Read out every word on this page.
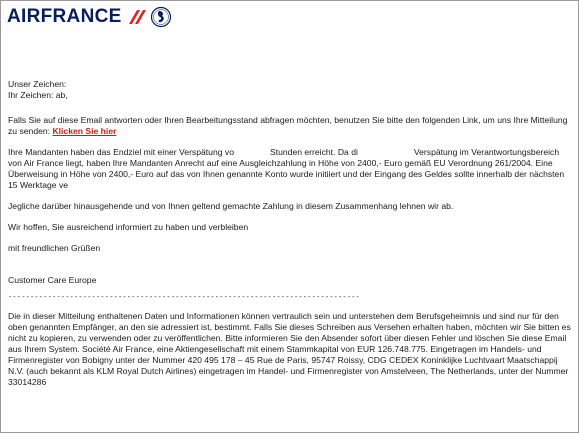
AIRFRANCE

Unser Zeichen:

Ihr Zeichen: ab,

Falls Sie auf diese Email antworten oder Ihren Bearbeitungsstand abfragen möchten, benutzen Sie bitte den folgenden Link, um uns Ihre Mitteilung zu senden: Klicken Sie hier

Ihre Mandanten haben das Endziel mit einer Verspätung vo	Stunden erreicht. Da di	Verspätung im Verantwortungsbereich von Air France liegt, haben Ihre Mandanten Anrecht auf eine Ausgleichzahlung in Höhe von 2400,- Euro gemäß EU Verordnung 261/2004. Eine Überweisung in Höhe von 2400,- Euro auf das von Ihnen genannte Konto wurde initiiert und der Eingang des Geldes sollte innerhalb der nächsten 15 Werktage ve

Jegliche darüber hinausgehende und von Ihnen geltend gemachte Zahlung in diesem Zusammenhang lehnen wir ab.

Wir hoffen, Sie ausreichend informiert zu haben und verbleiben

mit freundlichen Grüßen

Customer Care Europe

--------------------------------------------------------------------------------

Die in dieser Mitteilung enthaltenen Daten und Informationen können vertraulich sein und unterstehen dem Berufsgeheimnis und sind nur für den oben genannten Empfänger, an den sie adressiert ist, bestimmt. Falls Sie dieses Schreiben aus Versehen erhalten haben, möchten wir Sie bitten es nicht zu kopieren, zu verwenden oder zu veröffentlichen. Bitte informieren Sie den Absender sofort über diesen Fehler und löschen Sie diese Email aus Ihrem System. Société Air France, eine Aktiengesellschaft mit einem Stammkapital von EUR 126.748.775. Eingetragen im Handels- und Firmenregister von Bobigny unter der Nummer 420 495 178 – 45 Rue de Paris, 95747 Roissy, CDG CEDEX Koninklijke Luchtvaart Maatschappij N.V. (auch bekannt als KLM Royal Dutch Airlines) eingetragen im Handel- und Firmenregister von Amstelveen, The Netherlands, unter der Nummer 33014286
